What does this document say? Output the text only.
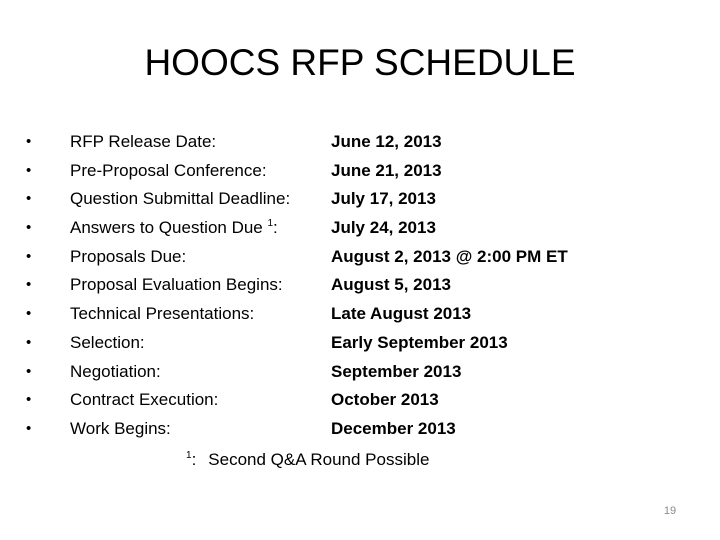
HOOCS RFP SCHEDULE
• RFP Release Date:	June 12, 2013
• Pre-Proposal Conference:	June 21, 2013
• Question Submittal Deadline: July 17, 2013
• Answers to Question Due $^1$:	July 24, 2013
• Proposals Due:	August 2, 2013 @ 2:00 PM ET
• Proposal Evaluation Begins:	August 5, 2013
• Technical Presentations:	Late August 2013
• Selection:	Early September 2013
• Negotiation:	September 2013
• Contract Execution:	October 2013
• Work Begins:	December 2013
$^1$: Second Q&A Round Possible
19
